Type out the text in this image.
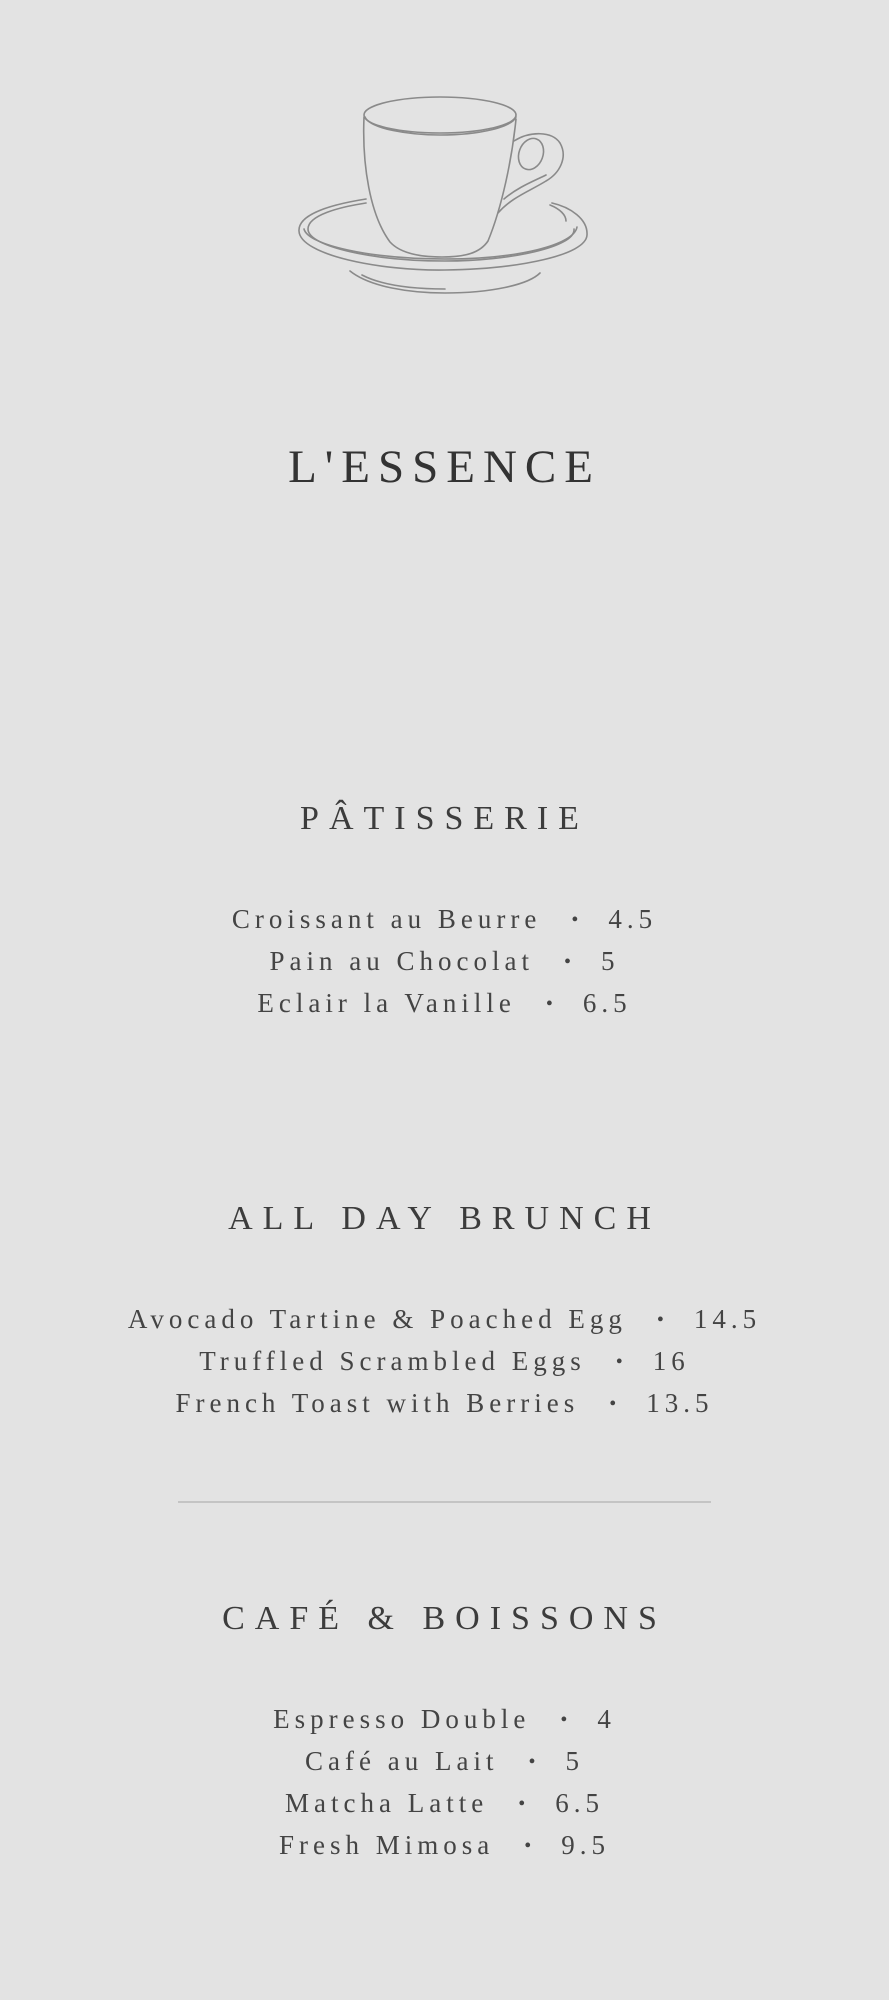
L'ESSENCE
PÂTISSERIE
Croissant au Beurre • 4.5
Pain au Chocolat • 5
Eclair la Vanille • 6.5
ALL DAY BRUNCH
Avocado Tartine & Poached Egg • 14.5
Truffled Scrambled Eggs • 16
French Toast with Berries • 13.5
CAFÉ & BOISSONS
Espresso Double • 4
Café au Lait • 5
Matcha Latte • 6.5
Fresh Mimosa • 9.5
